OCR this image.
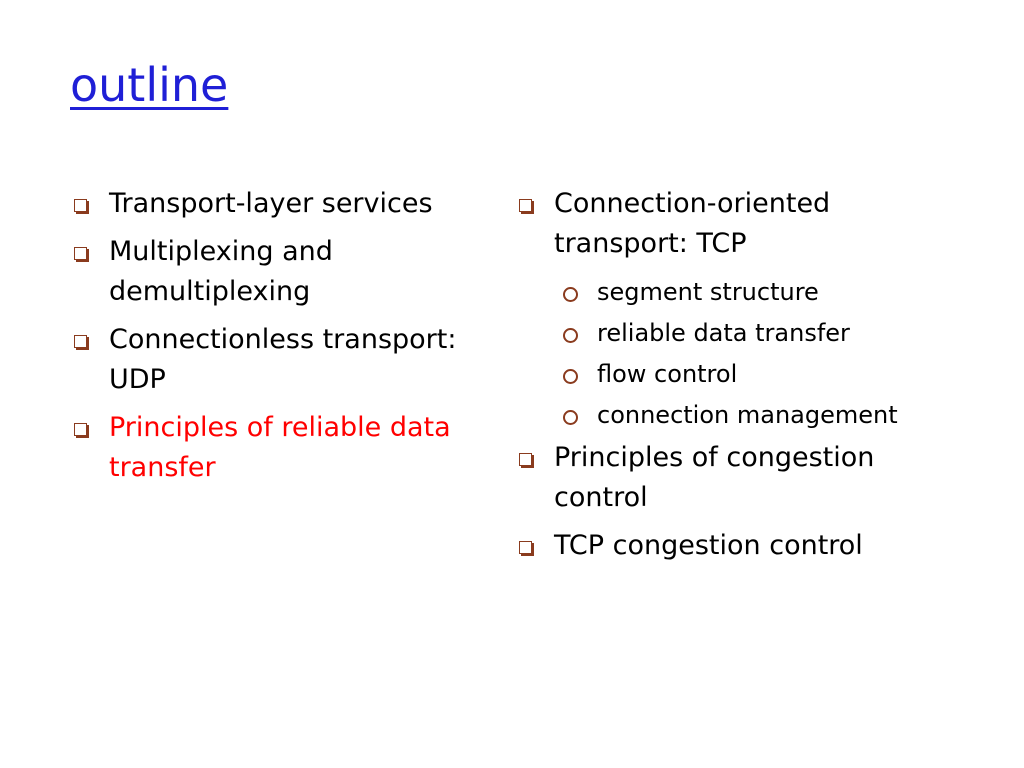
outline
Transport-layer services
Multiplexing and demultiplexing
Connectionless transport: UDP
Principles of reliable data transfer
Connection-oriented transport: TCP
segment structure
reliable data transfer
flow control
connection management
Principles of congestion control
TCP congestion control
